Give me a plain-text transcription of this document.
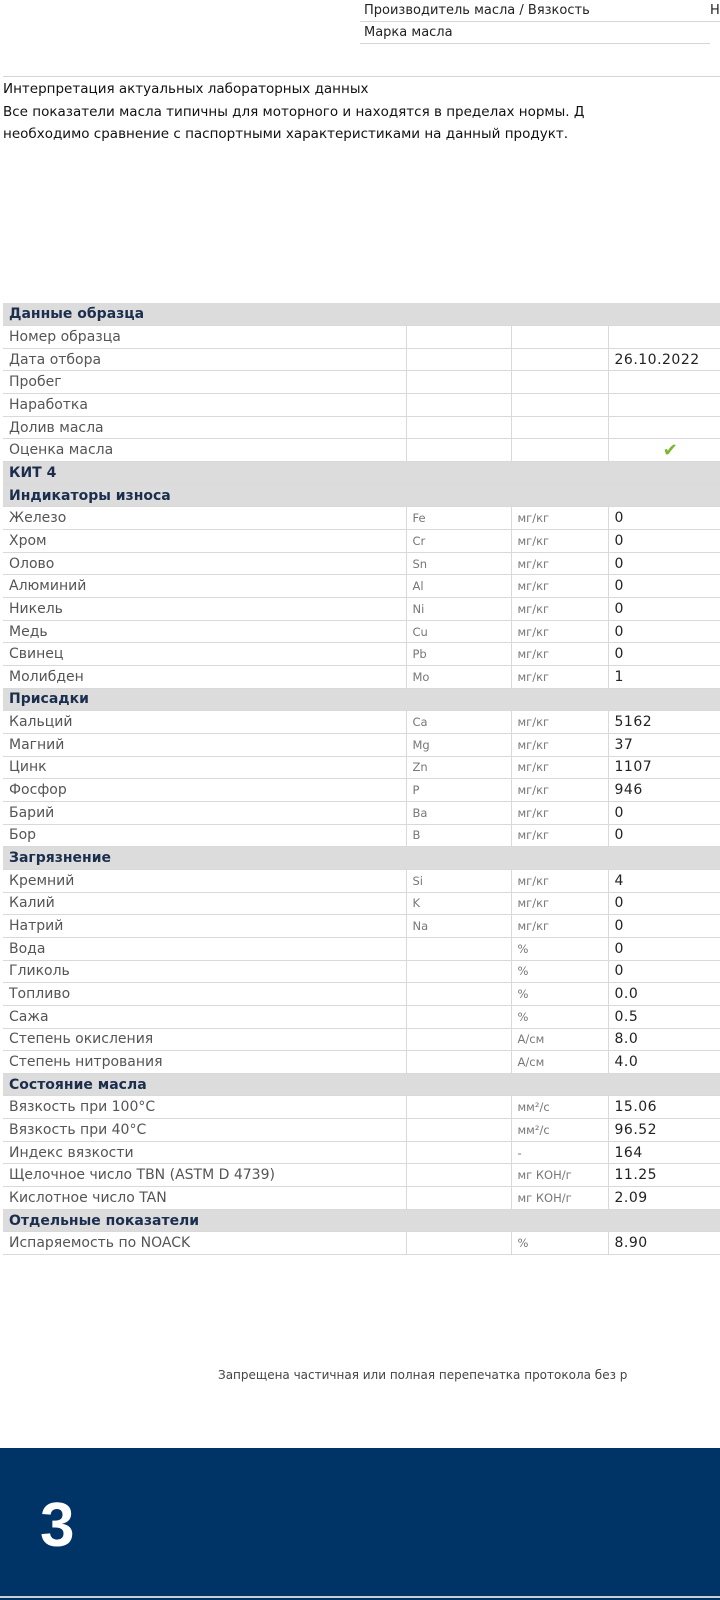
Производитель масла / Вязкость	Н
Марка масла
Интерпретация актуальных лабораторных данных

Все показатели масла типичны для моторного и находятся в пределах нормы. Д
необходимо сравнение с паспортными характеристиками на данный продукт.

Данные образца			
Номер образца			
Дата отбора			26.10.2022
Пробег			
Наработка			
Долив масла			
Оценка масла			✔
КИТ 4			
Индикаторы износа			
Железо	Fe	мг/кг	0
Хром	Cr	мг/кг	0
Олово	Sn	мг/кг	0
Алюминий	Al	мг/кг	0
Никель	Ni	мг/кг	0
Медь	Cu	мг/кг	0
Свинец	Pb	мг/кг	0
Молибден	Mo	мг/кг	1
Присадки			
Кальций	Ca	мг/кг	5162
Магний	Mg	мг/кг	37
Цинк	Zn	мг/кг	1107
Фосфор	P	мг/кг	946
Барий	Ba	мг/кг	0
Бор	B	мг/кг	0
Загрязнение			
Кремний	Si	мг/кг	4
Калий	K	мг/кг	0
Натрий	Na	мг/кг	0
Вода		%	0
Гликоль		%	0
Топливо		%	0.0
Сажа		%	0.5
Степень окисления		A/см	8.0
Степень нитрования		A/см	4.0
Состояние масла			
Вязкость при 100°С		мм²/с	15.06
Вязкость при 40°С		мм²/с	96.52
Индекс вязкости		-	164
Щелочное число TBN (ASTM D 4739)		мг КОН/г	11.25
Кислотное число TAN		мг КОН/г	2.09
Отдельные показатели			
Испаряемость по NOACK		%	8.90
Запрещена частичная или полная перепечатка протокола без р
3
